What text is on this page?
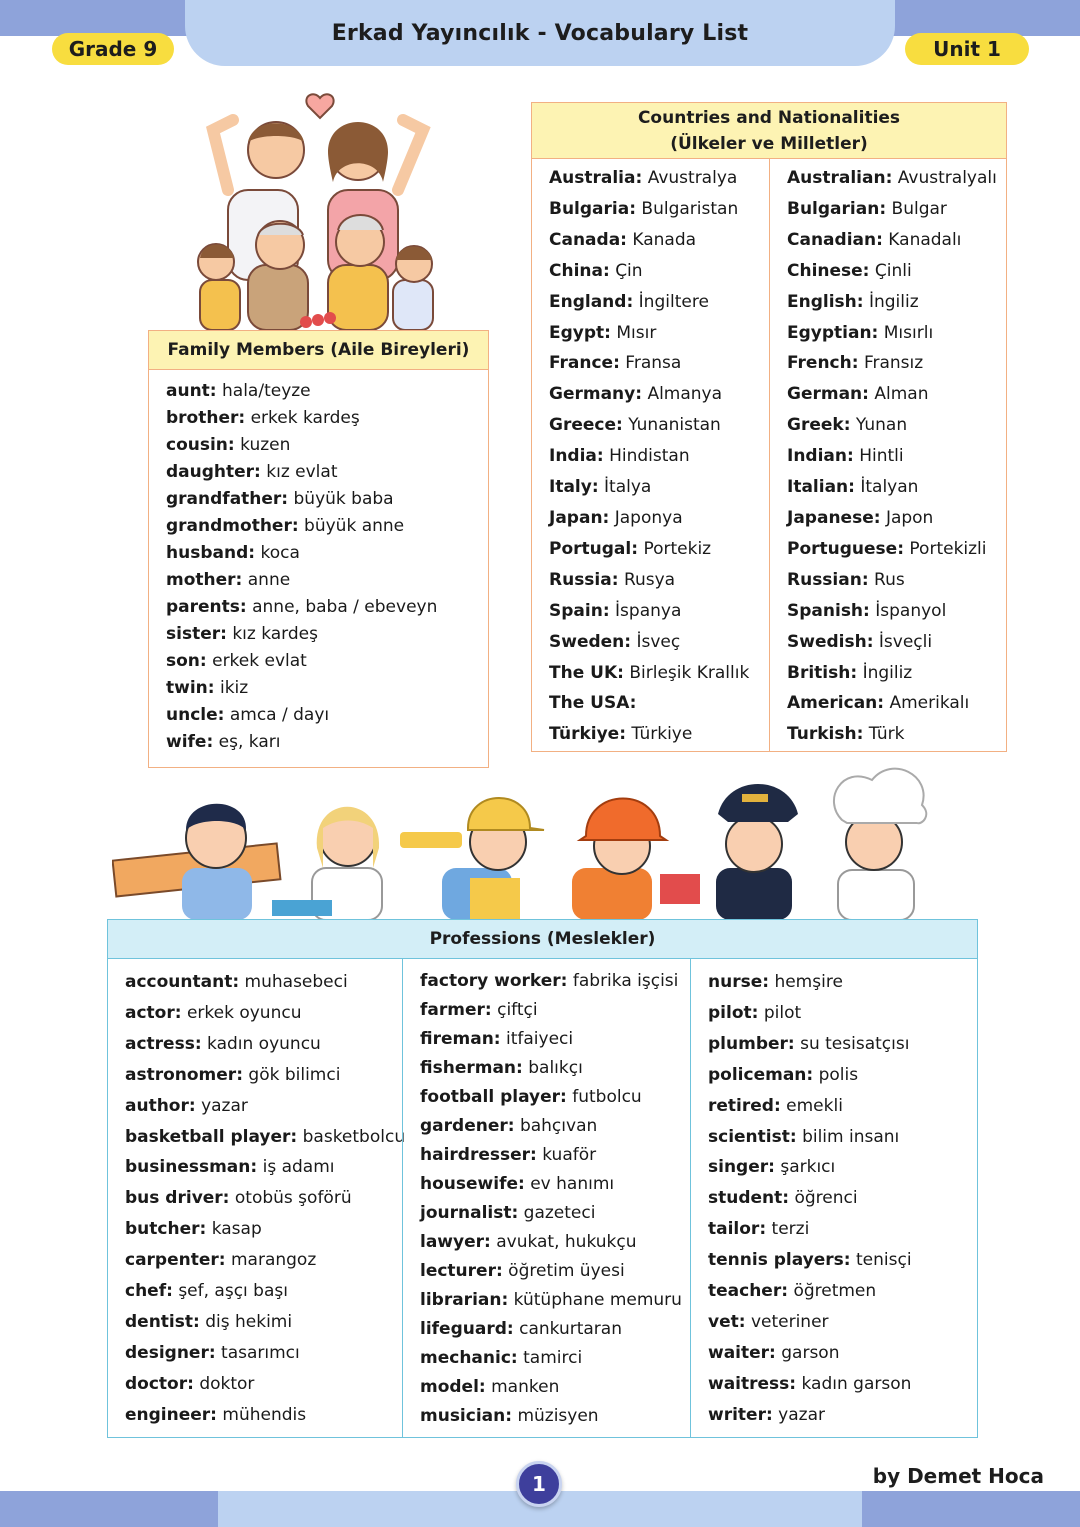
Erkad Yayıncılık - Vocabulary List
Grade 9	Unit 1
Family Members (Aile Bireyleri)
aunt: hala/teyze
brother: erkek kardeş
cousin: kuzen
daughter: kız evlat
grandfather: büyük baba
grandmother: büyük anne
husband: koca
mother: anne
parents: anne, baba / ebeveyn
sister: kız kardeş
son: erkek evlat
twin: ikiz
uncle: amca / dayı
wife: eş, karı
Countries and Nationalities
(Ülkeler ve Milletler)
Australia: Avustralya
Bulgaria: Bulgaristan
Canada: Kanada
China: Çin
England: İngiltere
Egypt: Mısır
France: Fransa
Germany: Almanya
Greece: Yunanistan
India: Hindistan
Italy: İtalya
Japan: Japonya
Portugal: Portekiz
Russia: Rusya
Spain: İspanya
Sweden: İsveç
The UK: Birleşik Krallık
The USA:
Türkiye: Türkiye
Australian: Avustralyalı
Bulgarian: Bulgar
Canadian: Kanadalı
Chinese: Çinli
English: İngiliz
Egyptian: Mısırlı
French: Fransız
German: Alman
Greek: Yunan
Indian: Hintli
Italian: İtalyan
Japanese: Japon
Portuguese: Portekizli
Russian: Rus
Spanish: İspanyol
Swedish: İsveçli
British: İngiliz
American: Amerikalı
Turkish: Türk
Professions (Meslekler)
accountant: muhasebeci
actor: erkek oyuncu
actress: kadın oyuncu
astronomer: gök bilimci
author: yazar
basketball player: basketbolcu
businessman: iş adamı
bus driver: otobüs şoförü
butcher: kasap
carpenter: marangoz
chef: şef, aşçı başı
dentist: diş hekimi
designer: tasarımcı
doctor: doktor
engineer: mühendis
factory worker: fabrika işçisi
farmer: çiftçi
fireman: itfaiyeci
fisherman: balıkçı
football player: futbolcu
gardener: bahçıvan
hairdresser: kuaför
housewife: ev hanımı
journalist: gazeteci
lawyer: avukat, hukukçu
lecturer: öğretim üyesi
librarian: kütüphane memuru
lifeguard: cankurtaran
mechanic: tamirci
model: manken
musician: müzisyen
nurse: hemşire
pilot: pilot
plumber: su tesisatçısı
policeman: polis
retired: emekli
scientist: bilim insanı
singer: şarkıcı
student: öğrenci
tailor: terzi
tennis players: tenisçi
teacher: öğretmen
vet: veteriner
waiter: garson
waitress: kadın garson
writer: yazar
1	by Demet Hoca
